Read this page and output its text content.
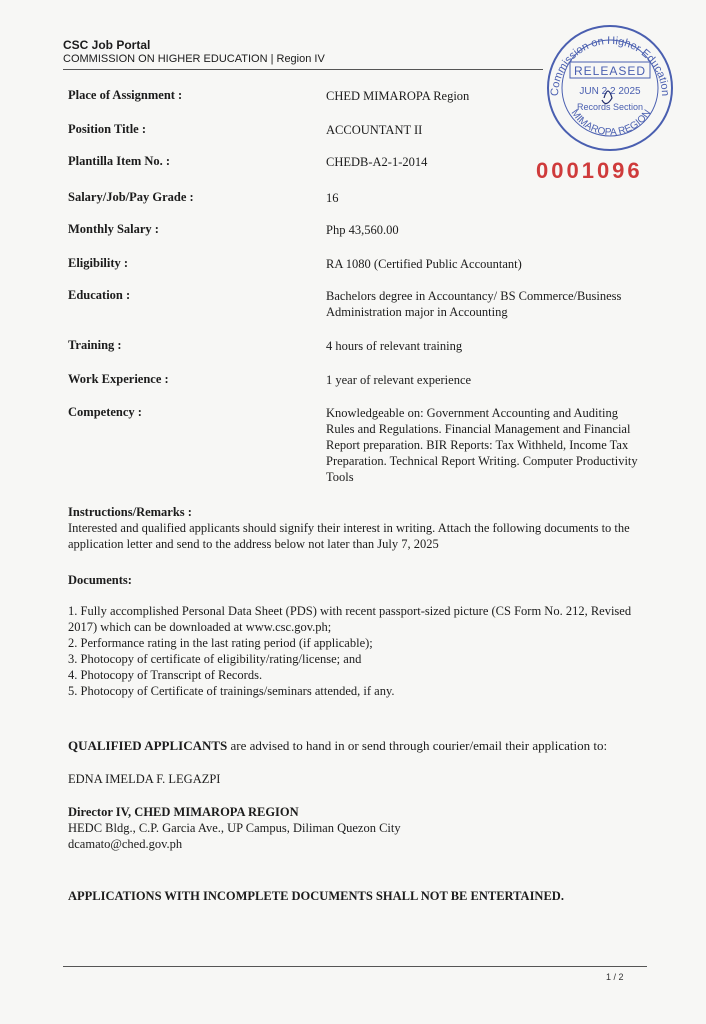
CSC Job Portal
COMMISSION ON HIGHER EDUCATION | Region IV
Commission on Higher Education
RELEASED
JUN 2 2 2025
Records Section
MIMAROPA REGION
0001096
Place of Assignment :	CHED MIMAROPA Region
Position Title :	ACCOUNTANT II
Plantilla Item No. :	CHEDB-A2-1-2014
Salary/Job/Pay Grade :	16
Monthly Salary :	Php 43,560.00
Eligibility :	RA 1080 (Certified Public Accountant)
Education :	Bachelors degree in Accountancy/ BS Commerce/Business Administration major in Accounting
Training :	4 hours of relevant training
Work Experience :	1 year of relevant experience
Competency :	Knowledgeable on: Government Accounting and Auditing Rules and Regulations. Financial Management and Financial Report preparation. BIR Reports: Tax Withheld, Income Tax Preparation. Technical Report Writing. Computer Productivity Tools
Instructions/Remarks :
Interested and qualified applicants should signify their interest in writing. Attach the following documents to the application letter and send to the address below not later than July 7, 2025
Documents:
1. Fully accomplished Personal Data Sheet (PDS) with recent passport-sized picture (CS Form No. 212, Revised 2017) which can be downloaded at www.csc.gov.ph;
2. Performance rating in the last rating period (if applicable);
3. Photocopy of certificate of eligibility/rating/license; and
4. Photocopy of Transcript of Records.
5. Photocopy of Certificate of trainings/seminars attended, if any.
QUALIFIED APPLICANTS are advised to hand in or send through courier/email their application to:
EDNA IMELDA F. LEGAZPI
Director IV, CHED MIMAROPA REGION
HEDC Bldg., C.P. Garcia Ave., UP Campus, Diliman Quezon City
dcamato@ched.gov.ph
APPLICATIONS WITH INCOMPLETE DOCUMENTS SHALL NOT BE ENTERTAINED.
1 / 2
